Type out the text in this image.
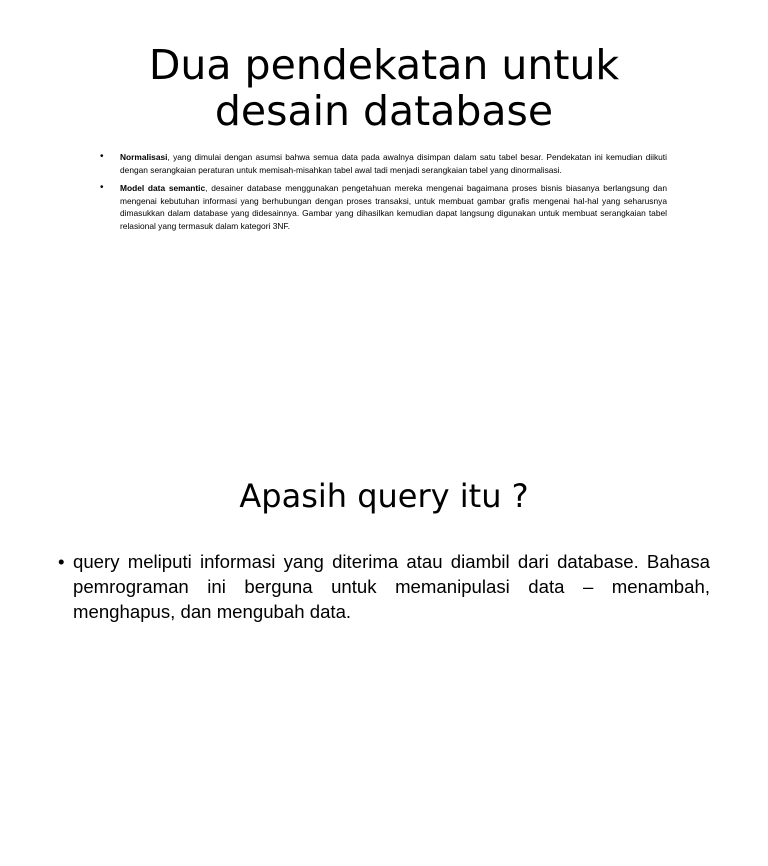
Dua pendekatan untuk desain database
• Normalisasi, yang dimulai dengan asumsi bahwa semua data pada awalnya disimpan dalam satu tabel besar. Pendekatan ini kemudian diikuti dengan serangkaian peraturan untuk memisah-misahkan tabel awal tadi menjadi serangkaian tabel yang dinormalisasi.
• Model data semantic, desainer database menggunakan pengetahuan mereka mengenai bagaimana proses bisnis biasanya berlangsung dan mengenai kebutuhan informasi yang berhubungan dengan proses transaksi, untuk membuat gambar grafis mengenai hal-hal yang seharusnya dimasukkan dalam database yang didesainnya. Gambar yang dihasilkan kemudian dapat langsung digunakan untuk membuat serangkaian tabel relasional yang termasuk dalam kategori 3NF.
Apasih query itu ?
• query meliputi informasi yang diterima atau diambil dari database. Bahasa pemrograman ini berguna untuk memanipulasi data – menambah, menghapus, dan mengubah data.
